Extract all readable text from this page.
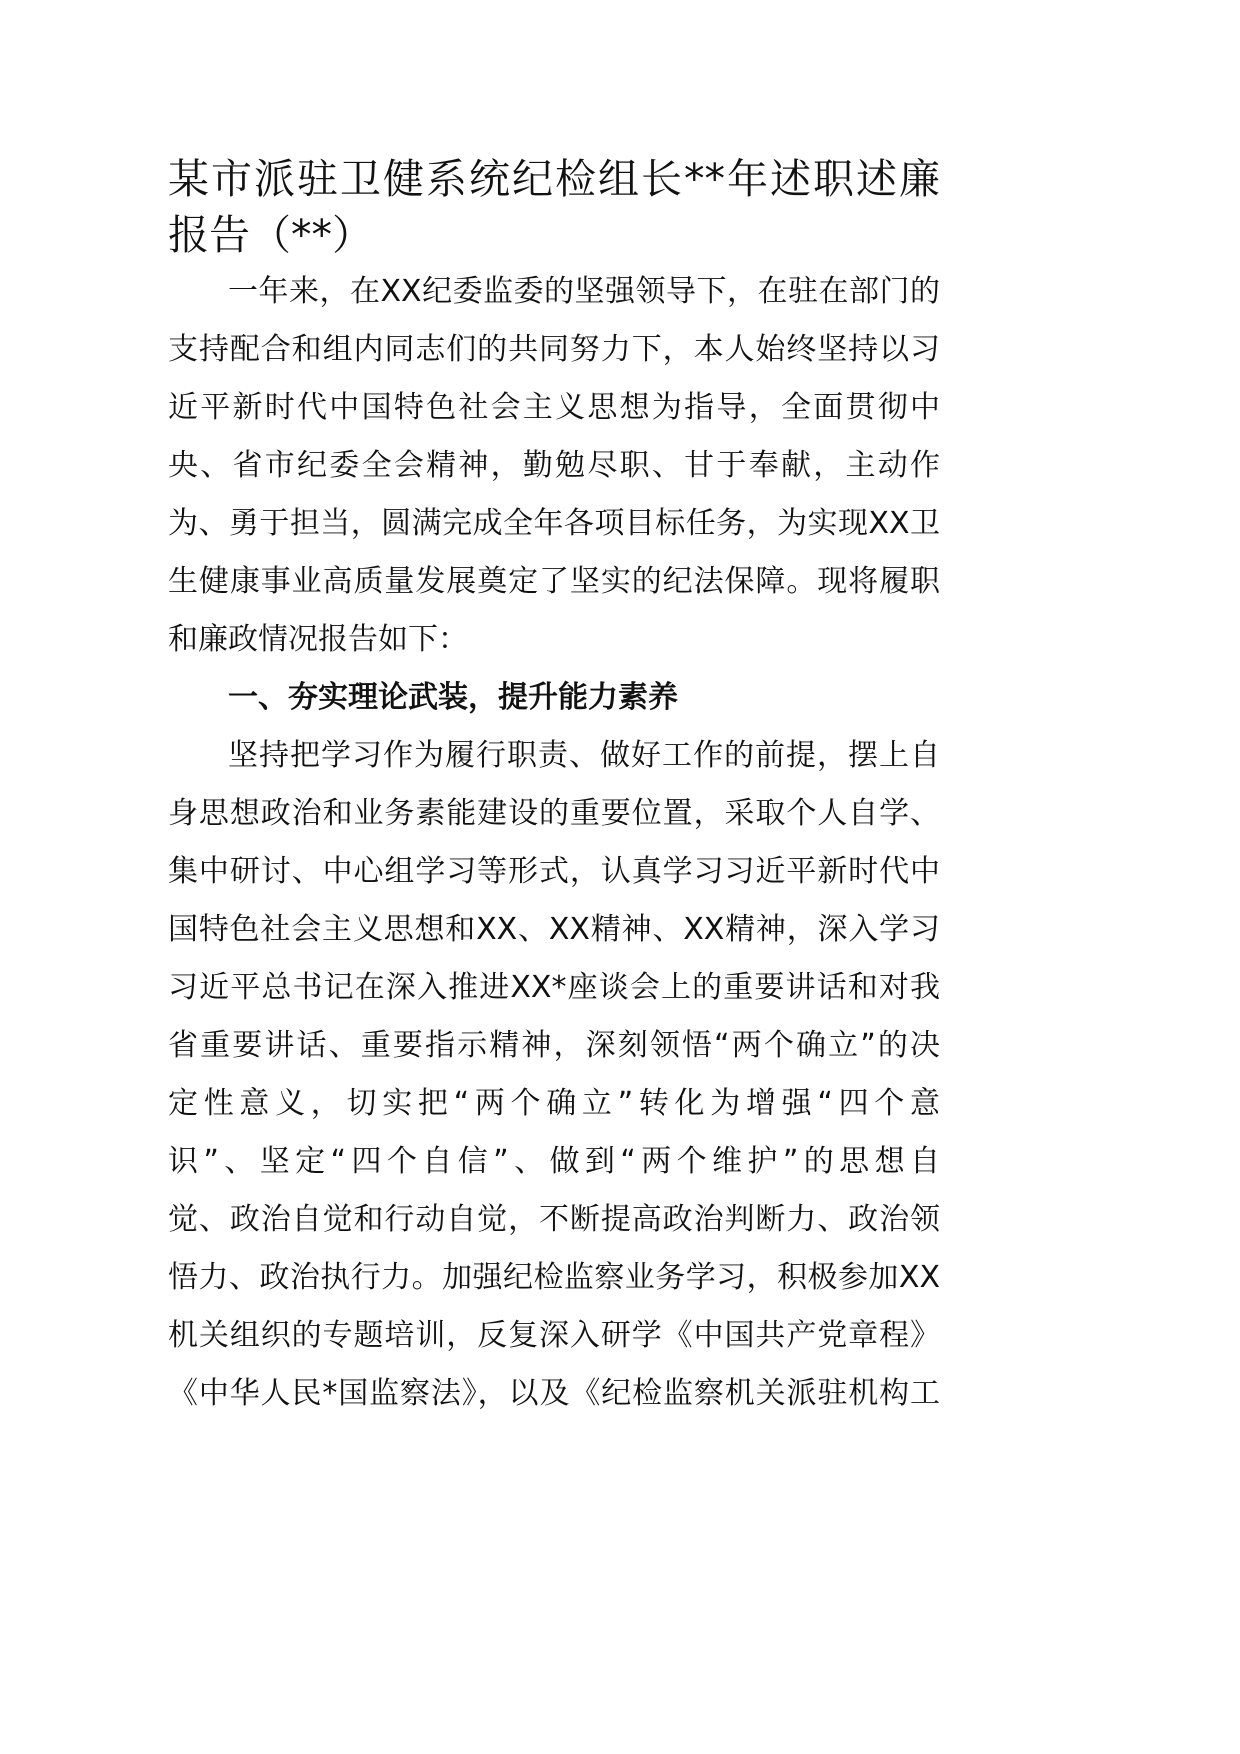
某市派驻卫健系统纪检组长**年述职述廉
报告（**）
一年来，在XX纪委监委的坚强领导下，在驻在部门的
支持配合和组内同志们的共同努力下，本人始终坚持以习
近平新时代中国特色社会主义思想为指导，全面贯彻中
央、省市纪委全会精神，勤勉尽职、甘于奉献，主动作
为、勇于担当，圆满完成全年各项目标任务，为实现XX卫
生健康事业高质量发展奠定了坚实的纪法保障。现将履职
和廉政情况报告如下：
一、夯实理论武装，提升能力素养
坚持把学习作为履行职责、做好工作的前提，摆上自
身思想政治和业务素能建设的重要位置，采取个人自学、
集中研讨、中心组学习等形式，认真学习习近平新时代中
国特色社会主义思想和XX、XX精神、XX精神，深入学习
习近平总书记在深入推进XX*座谈会上的重要讲话和对我
省重要讲话、重要指示精神，深刻领悟“两个确立”的决
定性意义，切实把“两个确立”转化为增强“四个意
识”、坚定“四个自信”、做到“两个维护”的思想自
觉、政治自觉和行动自觉，不断提高政治判断力、政治领
悟力、政治执行力。加强纪检监察业务学习，积极参加XX
机关组织的专题培训，反复深入研学《中国共产党章程》
《中华人民*国监察法》，以及《纪检监察机关派驻机构工
